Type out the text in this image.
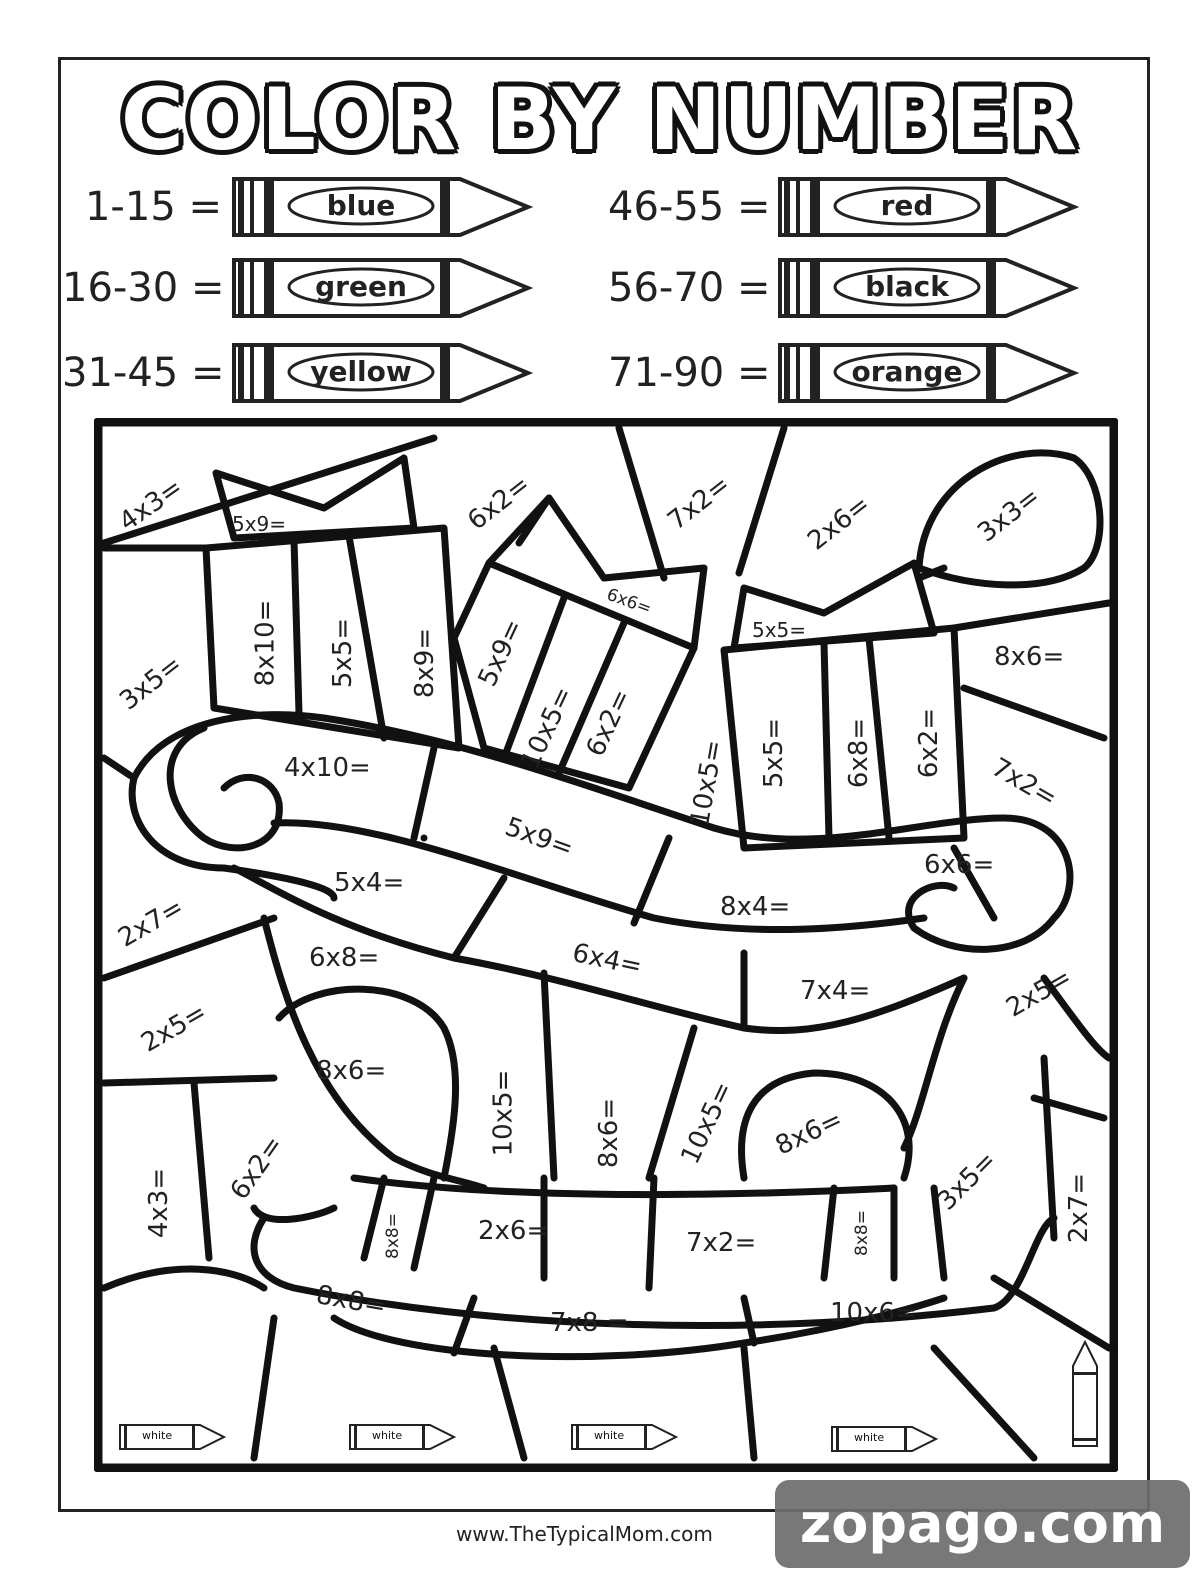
COLOR BY NUMBER
1-15 =	blue
16-30 =	green
31-45 =	yellow
46-55 =	red
56-70 =	black
71-90 =	orange
4x3= 5x9=	6x2=	7x2=	2x6=	3x3=
6x6=
5x5=
3x5= 8x10= 5x5= 8x9=	8x6=
5x9=
10x5= 6x2=
10x5= 5x5= 6x8= 6x2=
4x10=
5x9=
7x2=
6x6=
5x4=
8x4=
2x7=
6x8=	6x4=
7x4=
2x5=
2x5=
8x6=	10x5=	8x6= 10x5= 8x6=
3x5=
4x3= 6x2=
2x7=
8x8=	2x6=	7x2=	8x8=
8x8=
7x8 =	10x6=
white	white	white	white
www.TheTypicalMom.com	zopago.com
